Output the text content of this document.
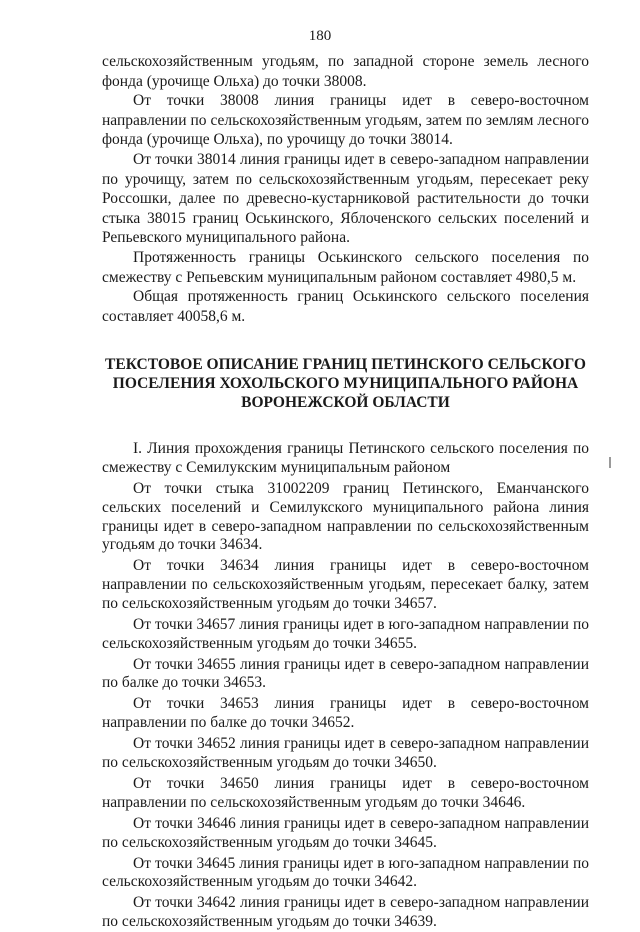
180

сельскохозяйственным угодьям, по западной стороне земель лесного фонда (урочище Ольха) до точки 38008.

От точки 38008 линия границы идет в северо-восточном направлении по сельскохозяйственным угодьям, затем по землям лесного фонда (урочище Ольха), по урочищу до точки 38014.

От точки 38014 линия границы идет в северо-западном направлении по урочищу, затем по сельскохозяйственным угодьям, пересекает реку Россошки, далее по древесно-кустарниковой растительности до точки стыка 38015 границ Оськинского, Яблоченского сельских поселений и Репьевского муниципального района.

Протяженность границы Оськинского сельского поселения по смежеству с Репьевским муниципальным районом составляет 4980,5 м.

Общая протяженность границ Оськинского сельского поселения составляет 40058,6 м.

ТЕКСТОВОЕ ОПИСАНИЕ ГРАНИЦ ПЕТИНСКОГО СЕЛЬСКОГО
ПОСЕЛЕНИЯ ХОХОЛЬСКОГО МУНИЦИПАЛЬНОГО РАЙОНА
ВОРОНЕЖСКОЙ ОБЛАСТИ

I. Линия прохождения границы Петинского сельского поселения по смежеству с Семилукским муниципальным районом

От точки стыка 31002209 границ Петинского, Еманчанского сельских поселений и Семилукского муниципального района линия границы идет в северо-западном направлении по сельскохозяйственным угодьям до точки 34634.

От точки 34634 линия границы идет в северо-восточном направлении по сельскохозяйственным угодьям, пересекает балку, затем по сельскохозяйственным угодьям до точки 34657.

От точки 34657 линия границы идет в юго-западном направлении по сельскохозяйственным угодьям до точки 34655.

От точки 34655 линия границы идет в северо-западном направлении по балке до точки 34653.

От точки 34653 линия границы идет в северо-восточном направлении по балке до точки 34652.

От точки 34652 линия границы идет в северо-западном направлении по сельскохозяйственным угодьям до точки 34650.

От точки 34650 линия границы идет в северо-восточном направлении по сельскохозяйственным угодьям до точки 34646.

От точки 34646 линия границы идет в северо-западном направлении по сельскохозяйственным угодьям до точки 34645.

От точки 34645 линия границы идет в юго-западном направлении по сельскохозяйственным угодьям до точки 34642.

От точки 34642 линия границы идет в северо-западном направлении по сельскохозяйственным угодьям до точки 34639.
